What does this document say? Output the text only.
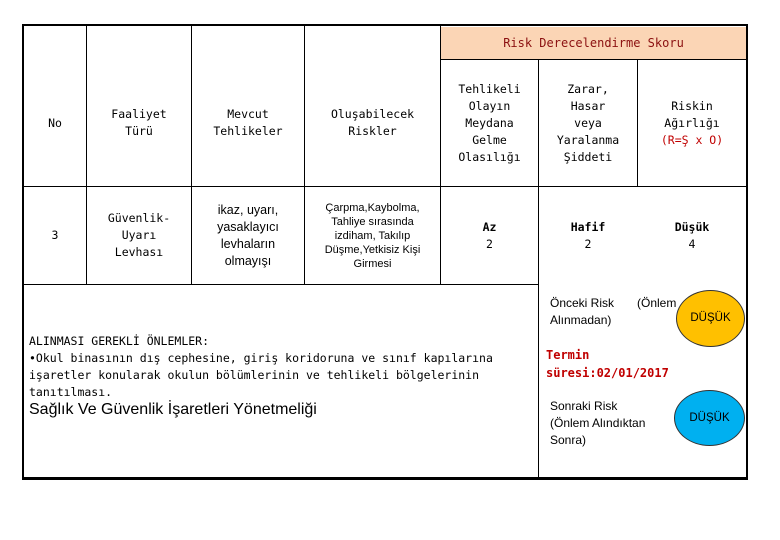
Risk Derecelendirme Skoru
No
Faaliyet
Türü
Mevcut
Tehlikeler
Oluşabilecek
Riskler
Tehlikeli
Olayın
Meydana
Gelme
Olasılığı
Zarar,
Hasar
veya
Yaralanma
Şiddeti
Riskin
Ağırlığı
(R=Ş x O)
3
Güvenlik-
Uyarı
Levhası
ikaz, uyarı,
yasaklayıcı
levhaların
olmayışı
Çarpma,Kaybolma,
Tahliye sırasında
izdiham, Takılıp
Düşme,Yetkisiz Kişi
Girmesi
Az
2
Hafif
2
Düşük
4
ALINMASI GEREKLİ ÖNLEMLER:
•Okul binasının dış cephesine, giriş koridoruna ve sınıf kapılarına işaretler konularak okulun bölümlerinin ve tehlikeli bölgelerinin tanıtılması.
Sağlık Ve Güvenlik İşaretleri Yönetmeliği
Önceki Risk
Alınmadan)
(Önlem
DÜŞÜK
Termin
süresi:02/01/2017
Sonraki Risk
(Önlem Alındıktan Sonra)
DÜŞÜK
